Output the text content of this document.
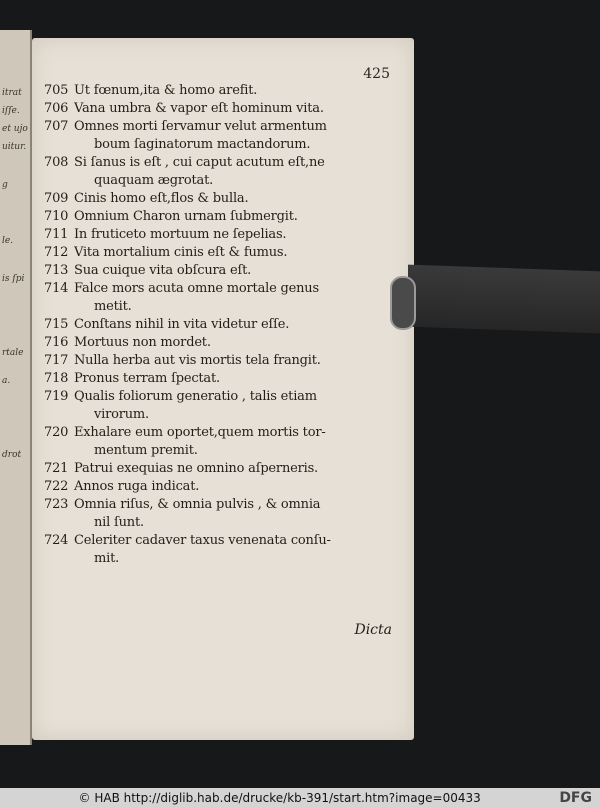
itrat
iſſe.
et ujo
uitur.
g
le.
is ſpi
rtale
a.
drot
425
705 Ut fœnum,ita & homo arefit.
706 Vana umbra & vapor eſt hominum vita.
707 Omnes morti ſervamur velut armentum
boum ſaginatorum mactandorum.
708 Si ſanus is eſt , cui caput acutum eſt,ne
quaquam ægrotat.
709 Cinis homo eſt,flos & bulla.
710 Omnium Charon urnam ſubmergit.
711 In fruticeto mortuum ne ſepelias.
712 Vita mortalium cinis eſt & fumus.
713 Sua cuique vita obſcura eſt.
714 Falce mors acuta omne mortale genus
metit.
715 Conſtans nihil in vita videtur eſſe.
716 Mortuus non mordet.
717 Nulla herba aut vis mortis tela frangit.
718 Pronus terram ſpectat.
719 Qualis foliorum generatio , talis etiam
virorum.
720 Exhalare eum oportet,quem mortis tor-
mentum premit.
721 Patrui exequias ne omnino aſperneris.
722 Annos ruga indicat.
723 Omnia riſus, & omnia pulvis , & omnia
nil ſunt.
724 Celeriter cadaver taxus venenata conſu-
mit.
Dicta
© HAB http://diglib.hab.de/drucke/kb-391/start.htm?image=00433	DFG
